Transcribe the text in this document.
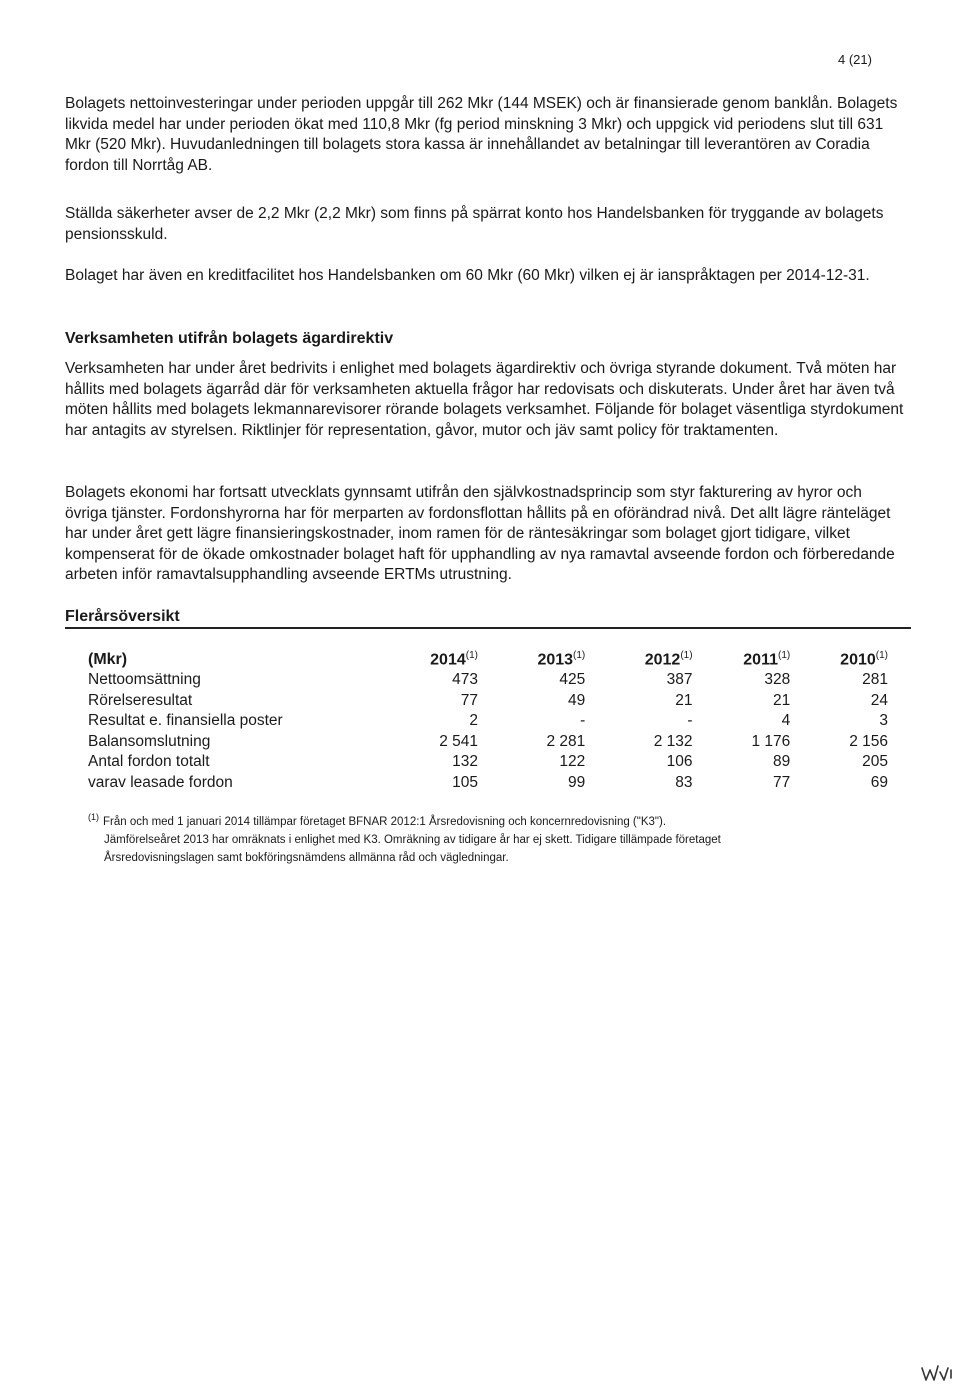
4 (21)

Bolagets nettoinvesteringar under perioden uppgår till 262 Mkr (144 MSEK) och är finansierade genom banklån. Bolagets likvida medel har under perioden ökat med 110,8 Mkr (fg period minskning 3 Mkr) och uppgick vid periodens slut till 631 Mkr (520 Mkr). Huvudanledningen till bolagets stora kassa är innehållandet av betalningar till leverantören av Coradia fordon till Norrtåg AB.

Ställda säkerheter avser de 2,2 Mkr (2,2 Mkr) som finns på spärrat konto hos Handelsbanken för tryggande av bolagets pensionsskuld.

Bolaget har även en kreditfacilitet hos Handelsbanken om 60 Mkr (60 Mkr) vilken ej är ianspråktagen per 2014-12-31.

Verksamheten utifrån bolagets ägardirektiv

Verksamheten har under året bedrivits i enlighet med bolagets ägardirektiv och övriga styrande dokument. Två möten har hållits med bolagets ägarråd där för verksamheten aktuella frågor har redovisats och diskuterats. Under året har även två möten hållits med bolagets lekmannarevisorer rörande bolagets verksamhet. Följande för bolaget väsentliga styrdokument har antagits av styrelsen. Riktlinjer för representation, gåvor, mutor och jäv samt policy för traktamenten.

Bolagets ekonomi har fortsatt utvecklats gynnsamt utifrån den självkostnadsprincip som styr fakturering av hyror och övriga tjänster. Fordonshyrorna har för merparten av fordonsflottan hållits på en oförändrad nivå. Det allt lägre ränteläget har under året gett lägre finansieringskostnader, inom ramen för de räntesäkringar som bolaget gjort tidigare, vilket kompenserat för de ökade omkostnader bolaget haft för upphandling av nya ramavtal avseende fordon och förberedande arbeten inför ramavtalsupphandling avseende ERTMs utrustning.

Flerårsöversikt
(Mkr)	2014$^{(1)}$	2013$^{(1)}$	2012$^{(1)}$	2011$^{(1)}$	2010$^{(1)}$
Nettoomsättning	473	425	387	328	281
Rörelseresultat	77	49	21	21	24
Resultat e. finansiella poster	2	-	-	4	3
Balansomslutning	2 541	2 281	2 132	1 176	2 156
Antal fordon totalt	132	122	106	89	205
varav leasade fordon	105	99	83	77	69
$^{(1)}$ Från och med 1 januari 2014 tillämpar företaget BFNAR 2012:1 Årsredovisning och koncernredovisning ("K3").
Jämförelseåret 2013 har omräknats i enlighet med K3. Omräkning av tidigare år har ej skett. Tidigare tillämpade företaget
Årsredovisningslagen samt bokföringsnämdens allmänna råd och vägledningar.
